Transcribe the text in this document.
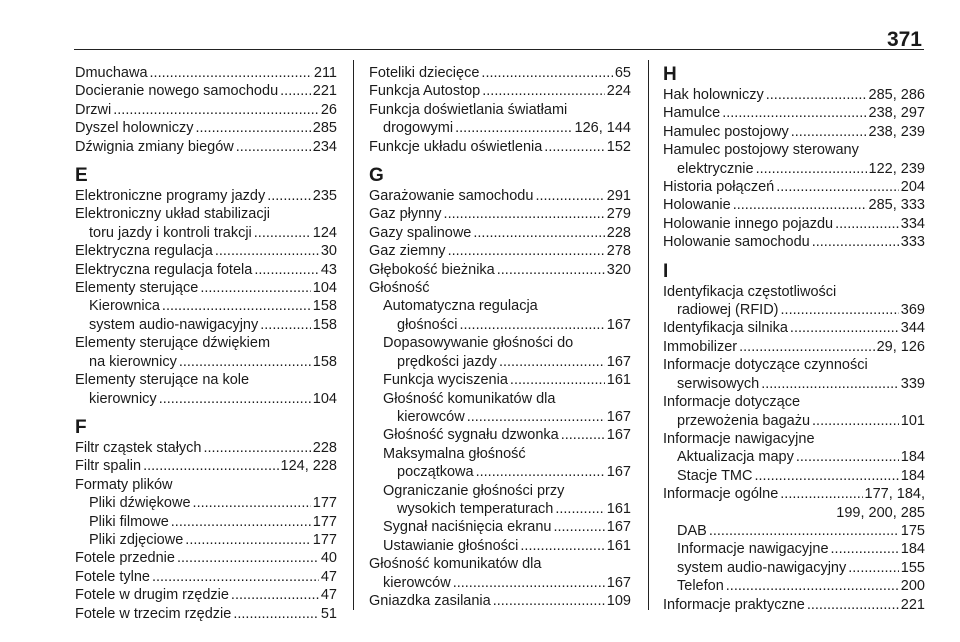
371
Dmuchawa .....	211
Docieranie nowego samochodu ..... 221
Drzwi .....	26
Dyszel holowniczy .....	285
Dźwignia zmiany biegów .....	234
E
Elektroniczne programy jazdy .....	235
Elektroniczny układ stabilizacji
toru jazdy i kontroli trakcji .....	124
Elektryczna regulacja .....	30
Elektryczna regulacja fotela .....	43
Elementy sterujące .....	104
Kierownica .....	158
system audio-nawigacyjny .....	158
Elementy sterujące dźwiękiem
na kierownicy .....	158
Elementy sterujące na kole
kierownicy .....	104
F
Filtr cząstek stałych .....	228
Filtr spalin .....	124, 228
Formaty plików
Pliki dźwiękowe .....	177
Pliki filmowe .....	177
Pliki zdjęciowe .....	177
Fotele przednie .....	40
Fotele tylne .....	47
Fotele w drugim rzędzie .....	47
Fotele w trzecim rzędzie .....	51
Foteliki dziecięce .....	65
Funkcja Autostop .....	224
Funkcja doświetlania światłami
drogowymi .....	126, 144
Funkcje układu oświetlenia .....	152
G
Garażowanie samochodu .....	291
Gaz płynny .....	279
Gazy spalinowe .....	228
Gaz ziemny .....	278
Głębokość bieżnika .....	320
Głośność
Automatyczna regulacja
głośności .....	167
Dopasowywanie głośności do
prędkości jazdy .....	167
Funkcja wyciszenia .....	161
Głośność komunikatów dla
kierowców .....	167
Głośność sygnału dzwonka .....	167
Maksymalna głośność
początkowa .....	167
Ograniczanie głośności przy
wysokich temperaturach .....	161
Sygnał naciśnięcia ekranu .....	167
Ustawianie głośności .....	161
Głośność komunikatów dla
kierowców .....	167
Gniazdka zasilania .....	109
H
Hak holowniczy .....	285, 286
Hamulce .....	238, 297
Hamulec postojowy .....	238, 239
Hamulec postojowy sterowany
elektrycznie .....	122, 239
Historia połączeń .....	204
Holowanie .....	285, 333
Holowanie innego pojazdu .....	334
Holowanie samochodu .....	333
I
Identyfikacja częstotliwości
radiowej (RFID) .....	369
Identyfikacja silnika .....	344
Immobilizer .....	29, 126
Informacje dotyczące czynności
serwisowych .....	339
Informacje dotyczące
przewożenia bagażu .....	101
Informacje nawigacyjne
Aktualizacja mapy .....	184
Stacje TMC .....	184
Informacje ogólne .....	177, 184,
199, 200, 285
DAB .....	175
Informacje nawigacyjne .....	184
system audio-nawigacyjny .....	155
Telefon .....	200
Informacje praktyczne .....	221
